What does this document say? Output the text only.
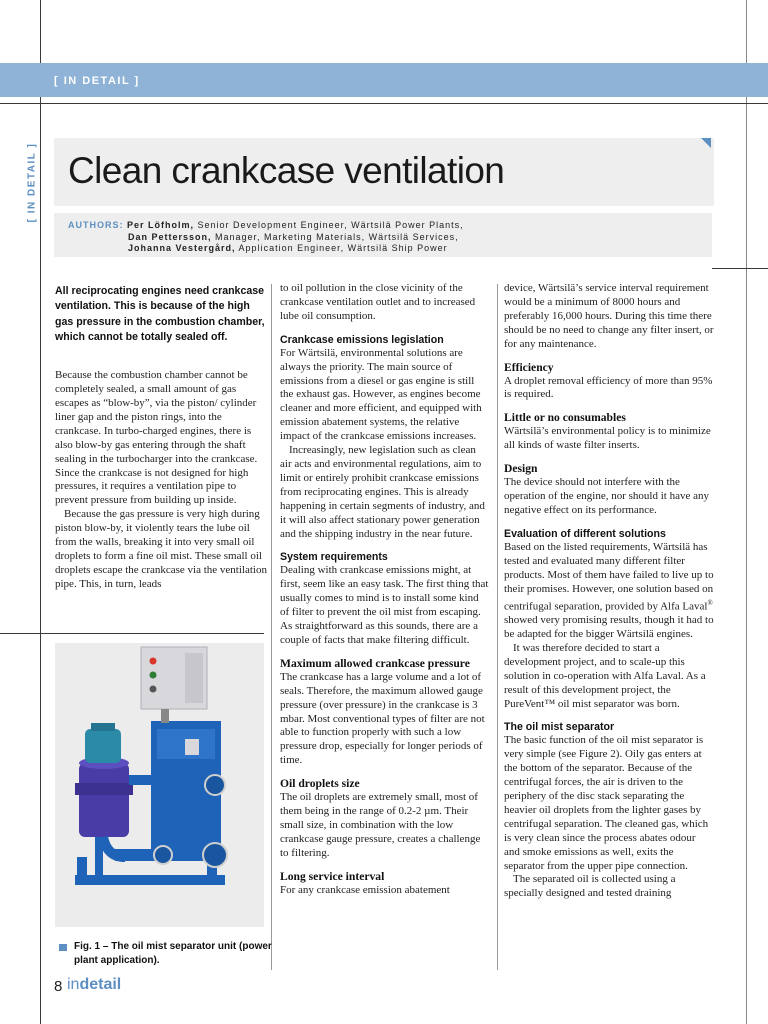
[ IN DETAIL ]
[ IN DETAIL ] Clean crankcase ventilation
AUTHORS: Per Löfholm, Senior Development Engineer, Wärtsilä Power Plants,
Dan Pettersson, Manager, Marketing Materials, Wärtsilä Services,
Johanna Vestergård, Application Engineer, Wärtsilä Ship Power

All reciprocating engines need crankcase ventilation. This is because of the high gas pressure in the combustion chamber, which cannot be totally sealed off.

Because the combustion chamber cannot be completely sealed, a small amount of gas escapes as “blow-by”, via the piston/ cylinder liner gap and the piston rings, into the crankcase. In turbo-charged engines, there is also blow-by gas entering through the shaft sealing in the turbocharger into the crankcase. Since the crankcase is not designed for high pressures, it requires a ventilation pipe to prevent pressure from building up inside.

Because the gas pressure is very high during piston blow-by, it violently tears the lube oil from the walls, breaking it into very small oil droplets to form a fine oil mist. These small oil droplets escape the crankcase via the ventilation pipe. This, in turn, leads

Fig. 1 – The oil mist separator unit (power plant application).

to oil pollution in the close vicinity of the crankcase ventilation outlet and to increased lube oil consumption.

Crankcase emissions legislation

For Wärtsilä, environmental solutions are always the priority. The main source of emissions from a diesel or gas engine is still the exhaust gas. However, as engines become cleaner and more efficient, and equipped with emission abatement systems, the relative impact of the crankcase emissions increases.

Increasingly, new legislation such as clean air acts and environmental regulations, aim to limit or entirely prohibit crankcase emissions from reciprocating engines. This is already happening in certain segments of industry, and it will also affect stationary power generation and the shipping industry in the near future.

System requirements

Dealing with crankcase emissions might, at first, seem like an easy task. The first thing that usually comes to mind is to install some kind of filter to prevent the oil mist from escaping. As straightforward as this sounds, there are a couple of facts that make filtering difficult.

Maximum allowed crankcase pressure

The crankcase has a large volume and a lot of seals. Therefore, the maximum allowed gauge pressure (over pressure) in the crankcase is 3 mbar. Most conventional types of filter are not able to function properly with such a low pressure drop, especially for longer periods of time.

Oil droplets size

The oil droplets are extremely small, most of them being in the range of 0.2-2 µm. Their small size, in combination with the low crankcase gauge pressure, creates a challenge to filtering.

Long service interval

For any crankcase emission abatement

device, Wärtsilä’s service interval requirement would be a minimum of 8000 hours and preferably 16,000 hours. During this time there should be no need to change any filter insert, or for any maintenance.

Efficiency

A droplet removal efficiency of more than 95% is required.

Little or no consumables

Wärtsilä’s environmental policy is to minimize all kinds of waste filter inserts.

Design

The device should not interfere with the operation of the engine, nor should it have any negative effect on its performance.

Evaluation of different solutions

Based on the listed requirements, Wärtsilä has tested and evaluated many different filter products. Most of them have failed to live up to their promises. However, one solution based on centrifugal separation, provided by Alfa Laval® showed very promising results, though it had to be adapted for the bigger Wärtsilä engines.

It was therefore decided to start a development project, and to scale-up this solution in co-operation with Alfa Laval. As a result of this development project, the PureVent™ oil mist separator was born.

The oil mist separator

The basic function of the oil mist separator is very simple (see Figure 2). Oily gas enters at the bottom of the separator. Because of the centrifugal forces, the air is driven to the periphery of the disc stack separating the heavier oil droplets from the lighter gases by centrifugal separation. The cleaned gas, which is very clean since the process abates odour and smoke emissions as well, exits the separator from the upper pipe connection.

The separated oil is collected using a specially designed and tested draining

8 indetail
